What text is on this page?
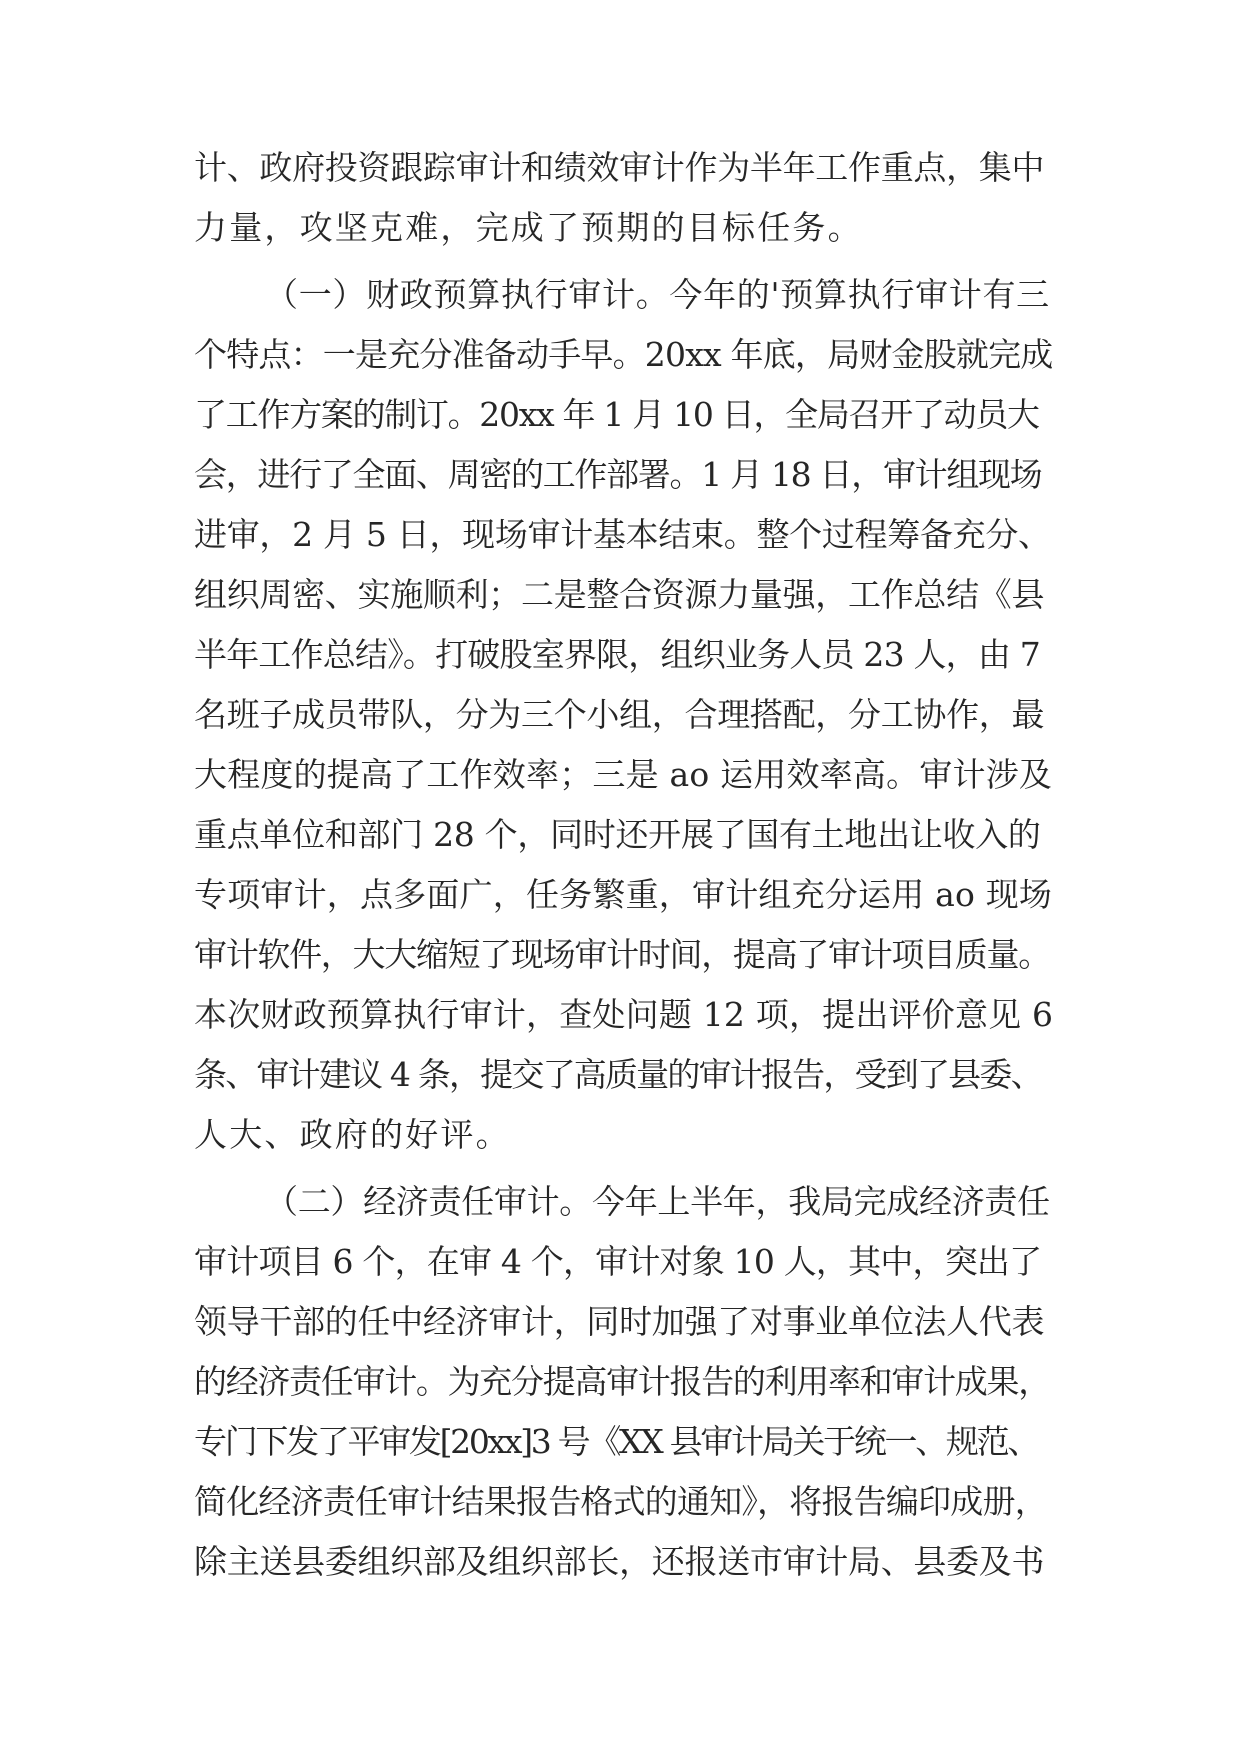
计、政府投资跟踪审计和绩效审计作为半年工作重点，集中
力量，攻坚克难，完成了预期的目标任务。
（一）财政预算执行审计。今年的'预算执行审计有三
个特点：一是充分准备动手早。20xx 年底，局财金股就完成
了工作方案的制订。20xx 年 1 月 10 日，全局召开了动员大
会，进行了全面、周密的工作部署。1 月 18 日，审计组现场
进审，2 月 5 日，现场审计基本结束。整个过程筹备充分、
组织周密、实施顺利；二是整合资源力量强，工作总结《县
半年工作总结》。打破股室界限，组织业务人员 23 人，由 7
名班子成员带队，分为三个小组，合理搭配，分工协作，最
大程度的提高了工作效率；三是 ao 运用效率高。审计涉及
重点单位和部门 28 个，同时还开展了国有土地出让收入的
专项审计，点多面广，任务繁重，审计组充分运用 ao 现场
审计软件，大大缩短了现场审计时间，提高了审计项目质量。
本次财政预算执行审计，查处问题 12 项，提出评价意见 6
条、审计建议 4 条，提交了高质量的审计报告，受到了县委、
人大、政府的好评。
（二）经济责任审计。今年上半年，我局完成经济责任
审计项目 6 个，在审 4 个，审计对象 10 人，其中，突出了
领导干部的任中经济审计，同时加强了对事业单位法人代表
的经济责任审计。为充分提高审计报告的利用率和审计成果，
专门下发了平审发[20xx]3 号《XX 县审计局关于统一、规范、
简化经济责任审计结果报告格式的通知》，将报告编印成册，
除主送县委组织部及组织部长，还报送市审计局、县委及书
